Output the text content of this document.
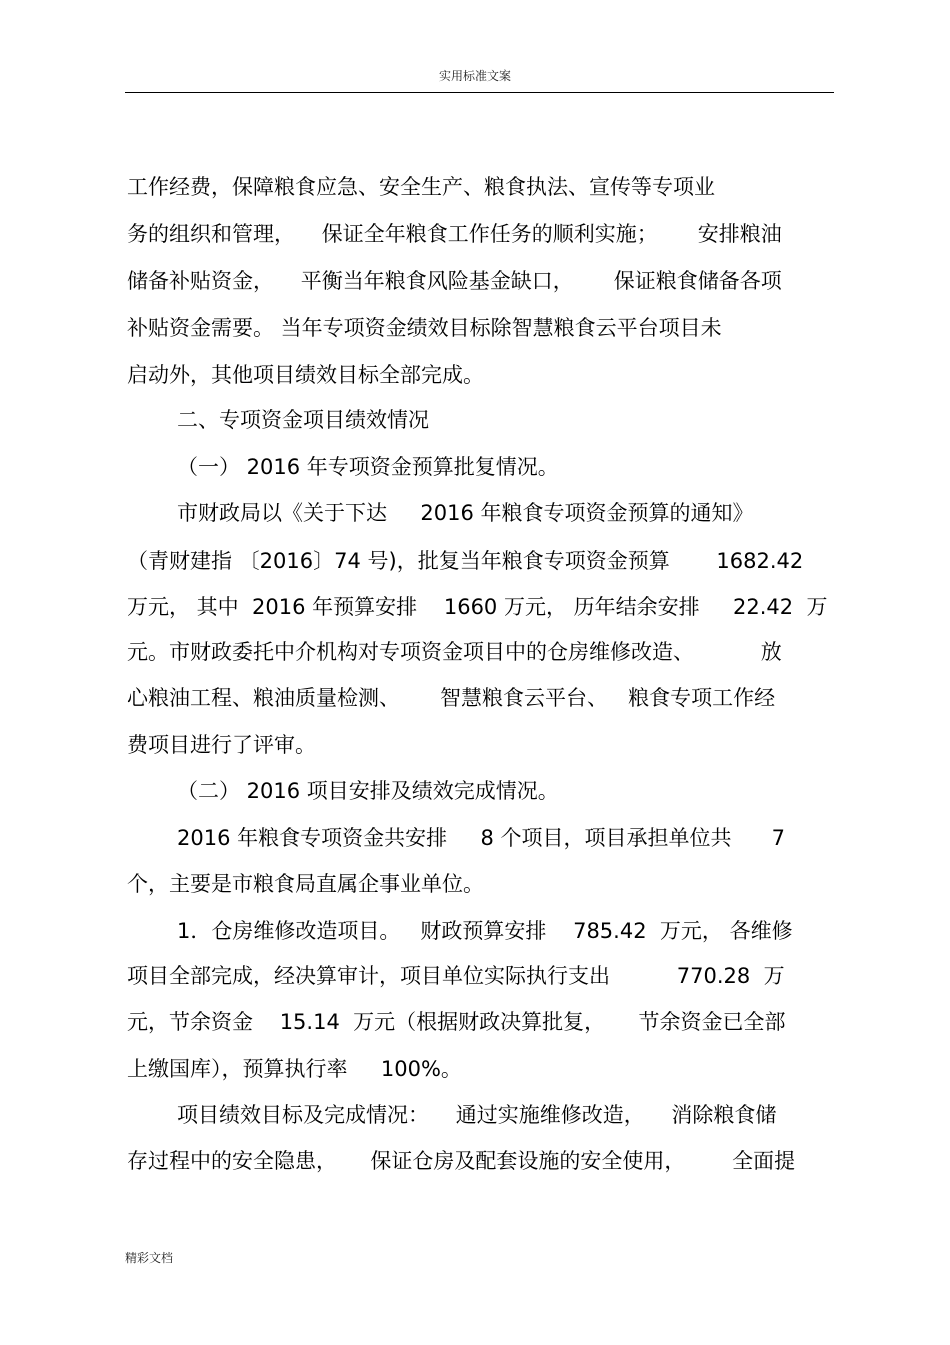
实用标准文案
工作经费，保障粮食应急、安全生产、粮食执法、宣传等专项业
务的组织和管理，    保证全年粮食工作任务的顺利实施；      安排粮油
储备补贴资金，    平衡当年粮食风险基金缺口，      保证粮食储备各项
补贴资金需要。 当年专项资金绩效目标除智慧粮食云平台项目未
启动外，其他项目绩效目标全部完成。
二、专项资金项目绩效情况
（一） 2016 年专项资金预算批复情况。
市财政局以《关于下达     2016 年粮食专项资金预算的通知》
（青财建指 〔2016〕74 号)，批复当年粮食专项资金预算       1682.42
万元， 其中  2016 年预算安排    1660 万元， 历年结余安排     22.42  万
元。市财政委托中介机构对专项资金项目中的仓房维修改造、          放
心粮油工程、粮油质量检测、      智慧粮食云平台、   粮食专项工作经
费项目进行了评审。
（二） 2016 项目安排及绩效完成情况。
2016 年粮食专项资金共安排     8 个项目，项目承担单位共      7
个，主要是市粮食局直属企事业单位。
1．仓房维修改造项目。   财政预算安排    785.42  万元， 各维修
项目全部完成，经决算审计，项目单位实际执行支出          770.28  万
元，节余资金    15.14  万元（根据财政决算批复，     节余资金已全部
上缴国库），预算执行率     100%。
项目绩效目标及完成情况：    通过实施维修改造，    消除粮食储
存过程中的安全隐患，     保证仓房及配套设施的安全使用，       全面提
精彩文档
